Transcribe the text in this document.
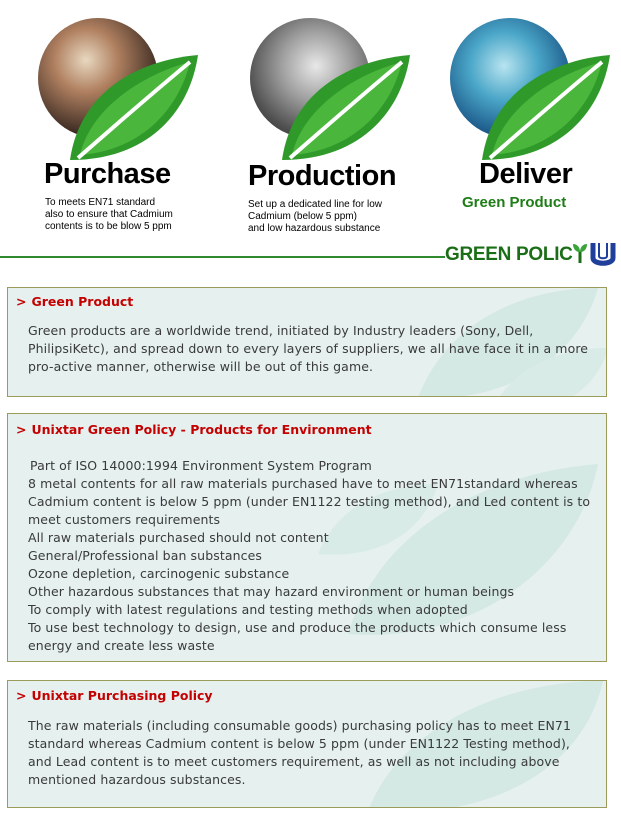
Purchase
To meets EN71 standard
also to ensure that Cadmium
contents is to be blow 5 ppm
Production
Set up a dedicated line for low
Cadmium (below 5 ppm)
and low hazardous substance
Deliver
Green Product
GREEN POLIC
> Green Product
Green products are a worldwide trend, initiated by Industry leaders (Sony, Dell, PhilipsiKetc), and spread down to every layers of suppliers, we all have face it in a more pro-active manner, otherwise will be out of this game.
> Unixtar Green Policy - Products for Environment
Part of ISO 14000:1994 Environment System Program
8 metal contents for all raw materials purchased have to meet EN71standard whereas Cadmium content is below 5 ppm (under EN1122 testing method), and Led content is to meet customers requirements
All raw materials purchased should not content
General/Professional ban substances
Ozone depletion, carcinogenic substance
Other hazardous substances that may hazard environment or human beings
To comply with latest regulations and testing methods when adopted
To use best technology to design, use and produce the products which consume less energy and create less waste
> Unixtar Purchasing Policy
The raw materials (including consumable goods) purchasing policy has to meet EN71 standard whereas Cadmium content is below 5 ppm (under EN1122 Testing method), and Lead content is to meet customers requirement, as well as not including above mentioned hazardous substances.
